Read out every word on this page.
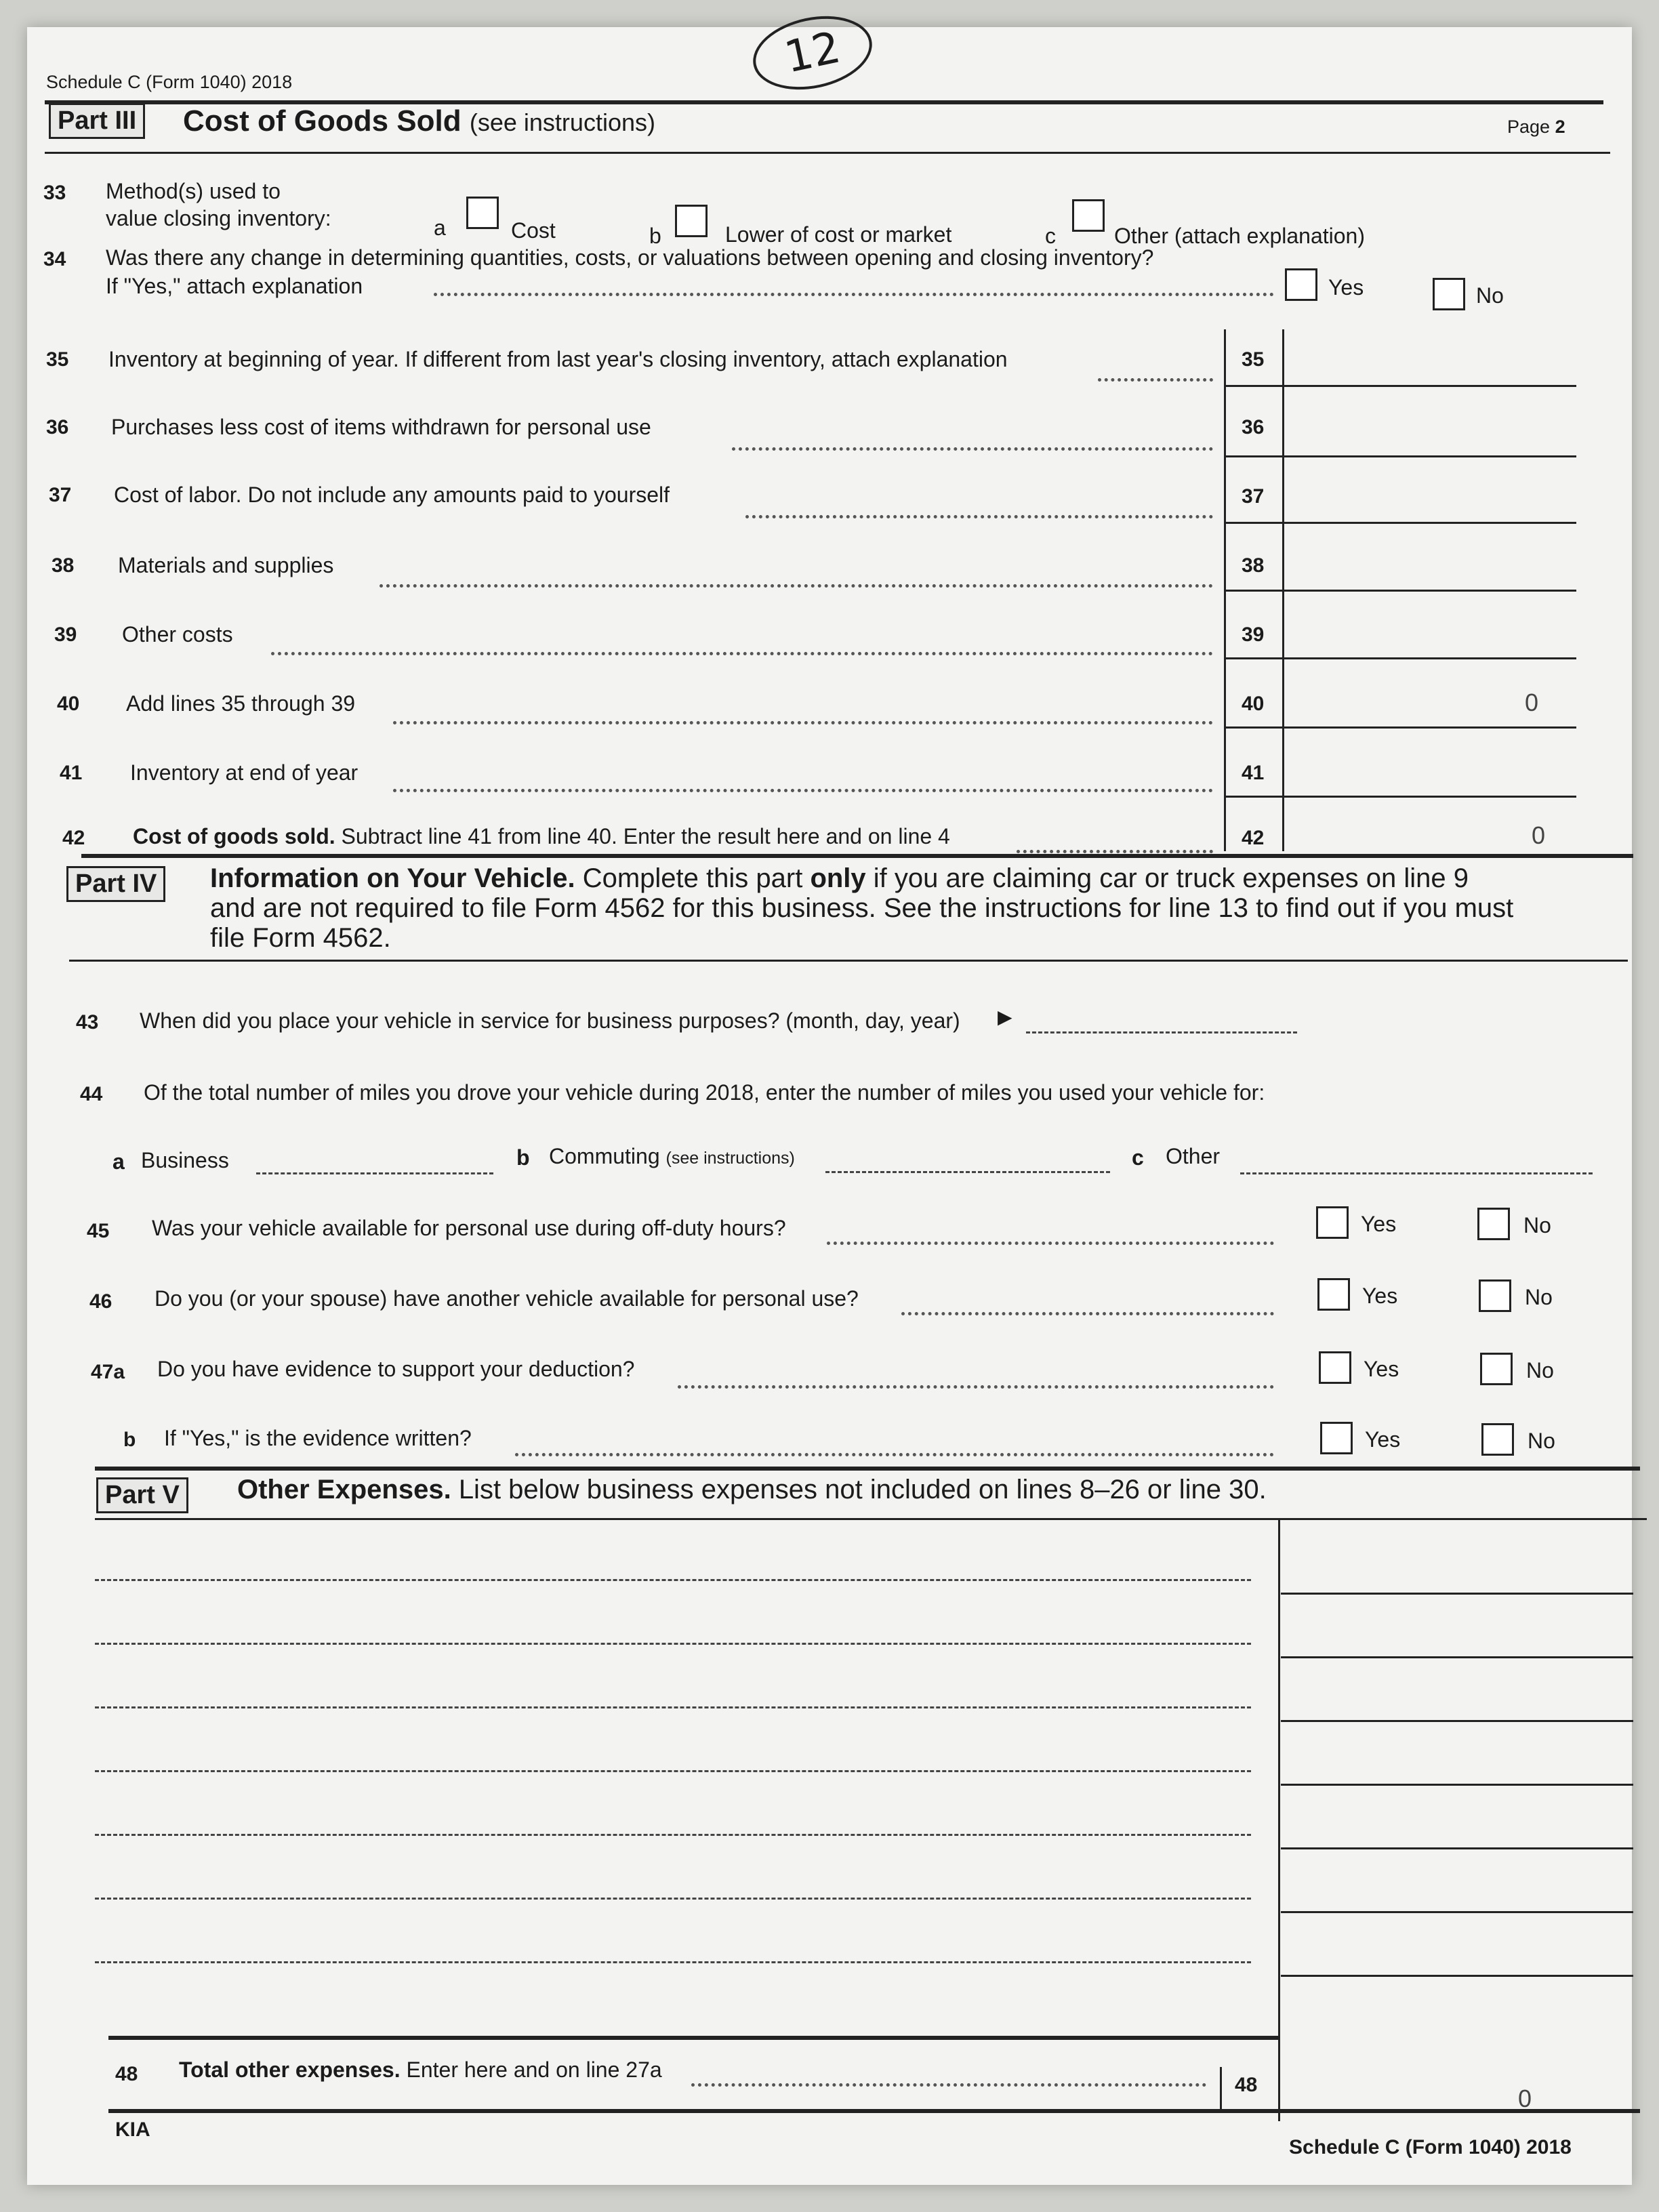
12
Schedule C (Form 1040) 2018
Page 2
Part III Cost of Goods Sold (see instructions)
33 Method(s) used to
value closing inventory:	a	Cost	b	Lower of cost or market	c	Other (attach explanation)
34 Was there any change in determining quantities, costs, or valuations between opening and closing inventory?
If "Yes," attach explanation	Yes	No
35 Inventory at beginning of year. If different from last year's closing inventory, attach explanation	35
36 Purchases less cost of items withdrawn for personal use	36
37 Cost of labor. Do not include any amounts paid to yourself	37
38 Materials and supplies	38
39 Other costs	39
40 Add lines 35 through 39	40	0
41 Inventory at end of year	41
42 Cost of goods sold. Subtract line 41 from line 40. Enter the result here and on line 4	42	0
Part IV	Information on Your Vehicle. Complete this part only if you are claiming car or truck expenses on line 9
and are not required to file Form 4562 for this business. See the instructions for line 13 to find out if you must
file Form 4562.
43 When did you place your vehicle in service for business purposes? (month, day, year) ▶
44 Of the total number of miles you drove your vehicle during 2018, enter the number of miles you used your vehicle for:
a Business	b Commuting (see instructions)	c Other
45 Was your vehicle available for personal use during off-duty hours?	Yes	No
46 Do you (or your spouse) have another vehicle available for personal use?	Yes	No
47a Do you have evidence to support your deduction?	Yes	No
b If "Yes," is the evidence written?	Yes	No
Part V	Other Expenses. List below business expenses not included on lines 8–26 or line 30.
48 Total other expenses. Enter here and on line 27a
48	0
KIA
Schedule C (Form 1040) 2018
